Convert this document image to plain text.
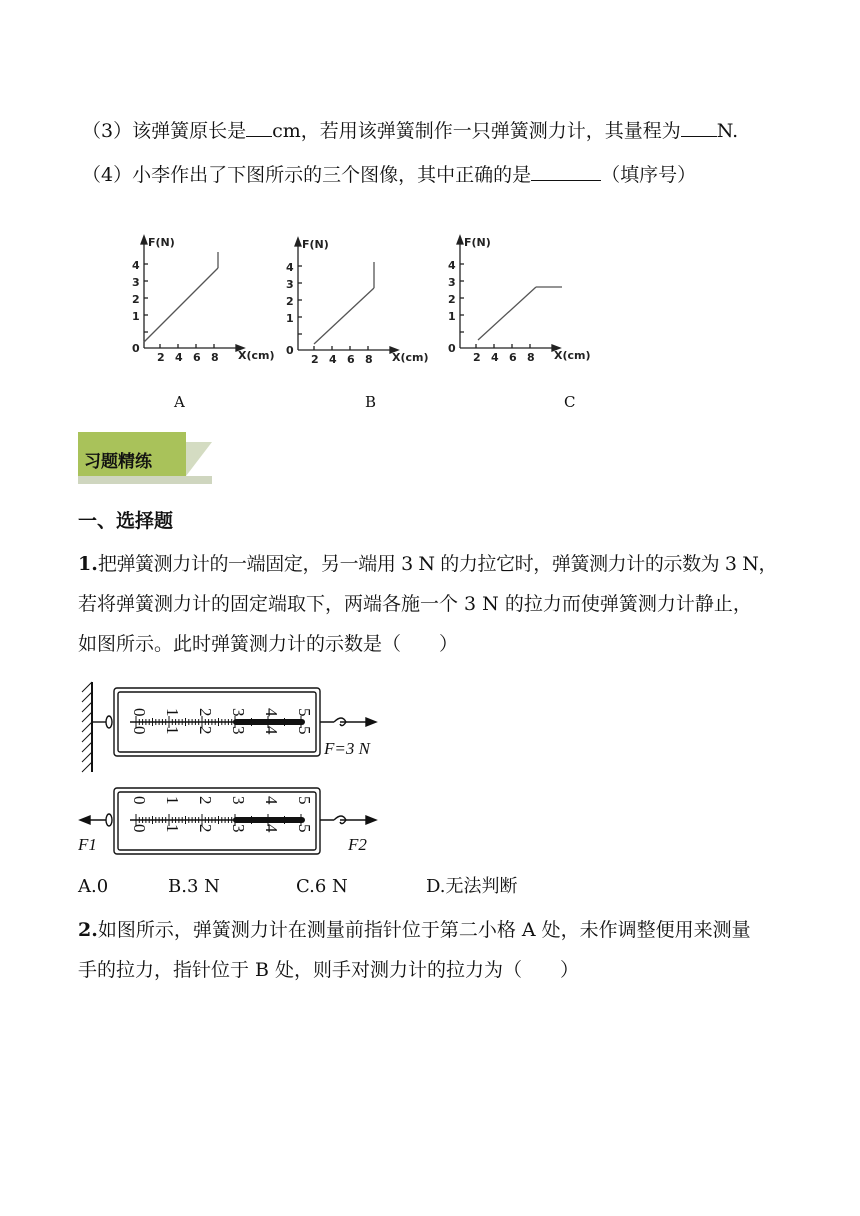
（3）该弹簧原长是 cm，若用该弹簧制作一只弹簧测力计，其量程为 N.
（4）小李作出了下图所示的三个图像，其中正确的是	（填序号）
F(N)
4
3
2
1
0
2 4 6 8 X(cm)
F(N)
4
3
2
1
0
2 4 6 8 X(cm)
F(N)
4
3
2
1
0
2 4 6 8 X(cm)
A	B	C
习题精练
一、选择题
1.把弹簧测力计的一端固定，另一端用 3 N 的力拉它时，弹簧测力计的示数为 3 N，
若将弹簧测力计的固定端取下，两端各施一个 3 N 的拉力而使弹簧测力计静止，
如图所示。此时弹簧测力计的示数是（　　）
0 1 2 3 4 5
0 1 2 3 4 5
F=3 N
0 1 2 3 4 5
0 1 2 3 4 5
F1	F2
A.0	B.3 N	C.6 N	D.无法判断
2.如图所示，弹簧测力计在测量前指针位于第二小格 A 处，未作调整便用来测量
手的拉力，指针位于 B 处，则手对测力计的拉力为（　　）
